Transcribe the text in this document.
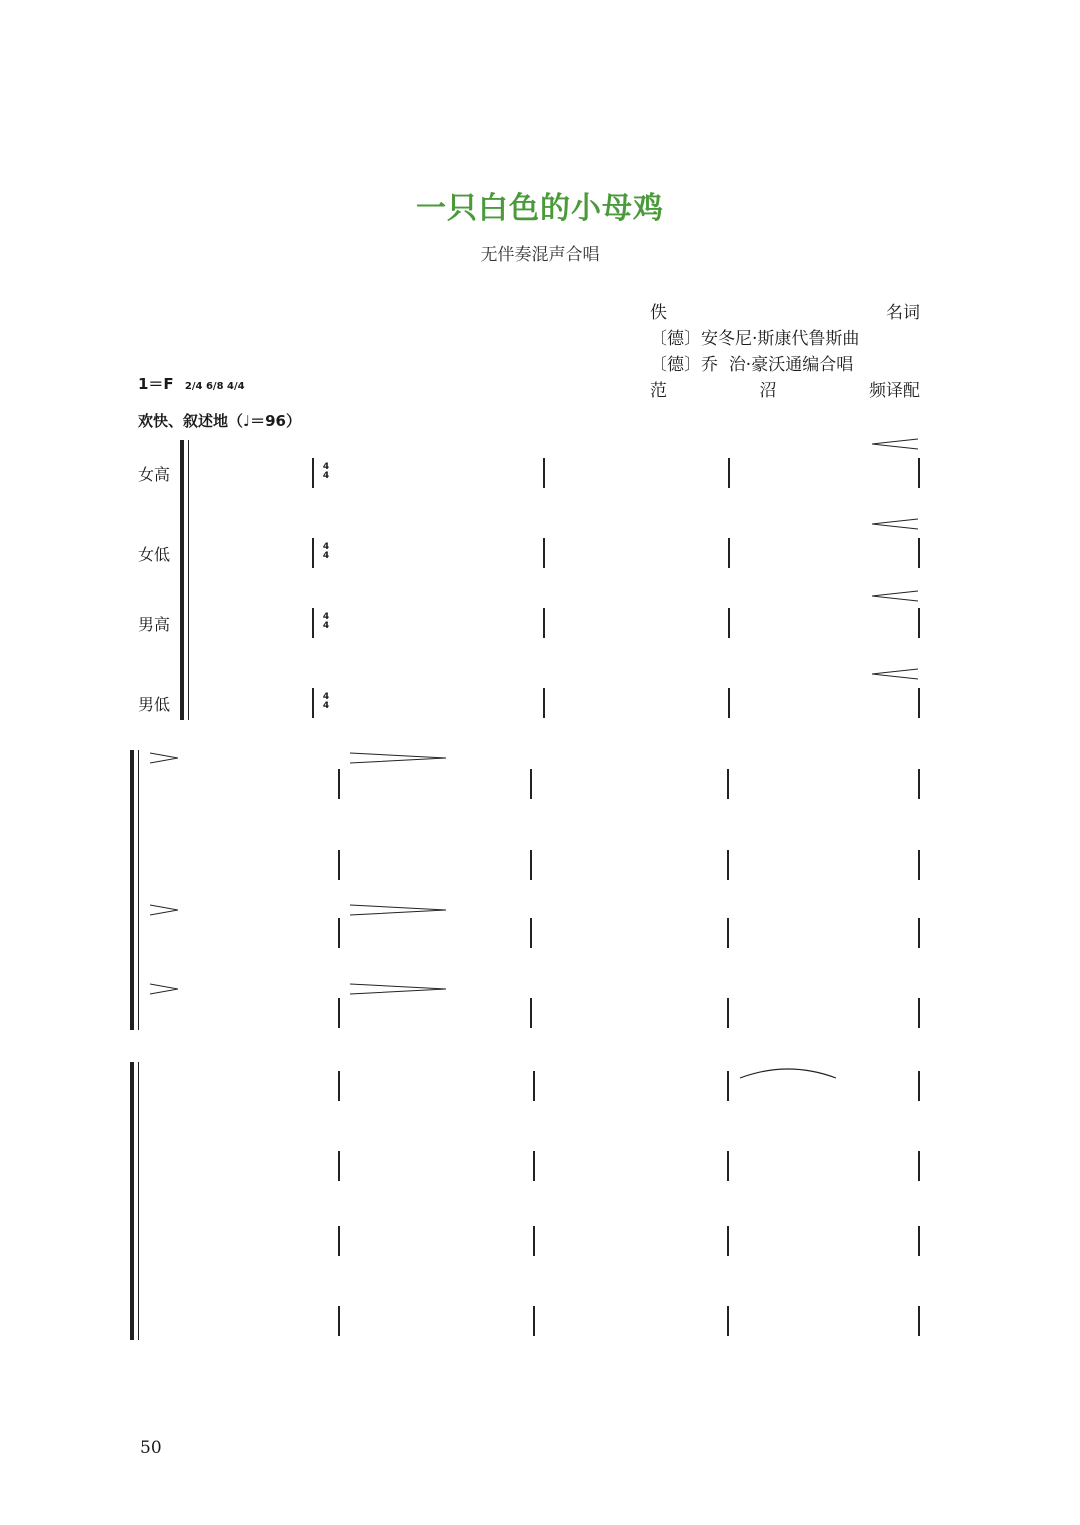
一只白色的小母鸡
无伴奏混声合唱
佚	名词
〔德〕安冬尼·斯康代鲁斯曲
〔德〕乔  治·豪沃通编合唱
范	沼	频译配
1＝F 2/4 6/8 4/4
欢快、叙述地（♩＝96）
女高
女低
男高
男低
4
4
4
4
4
4
4
4
50
